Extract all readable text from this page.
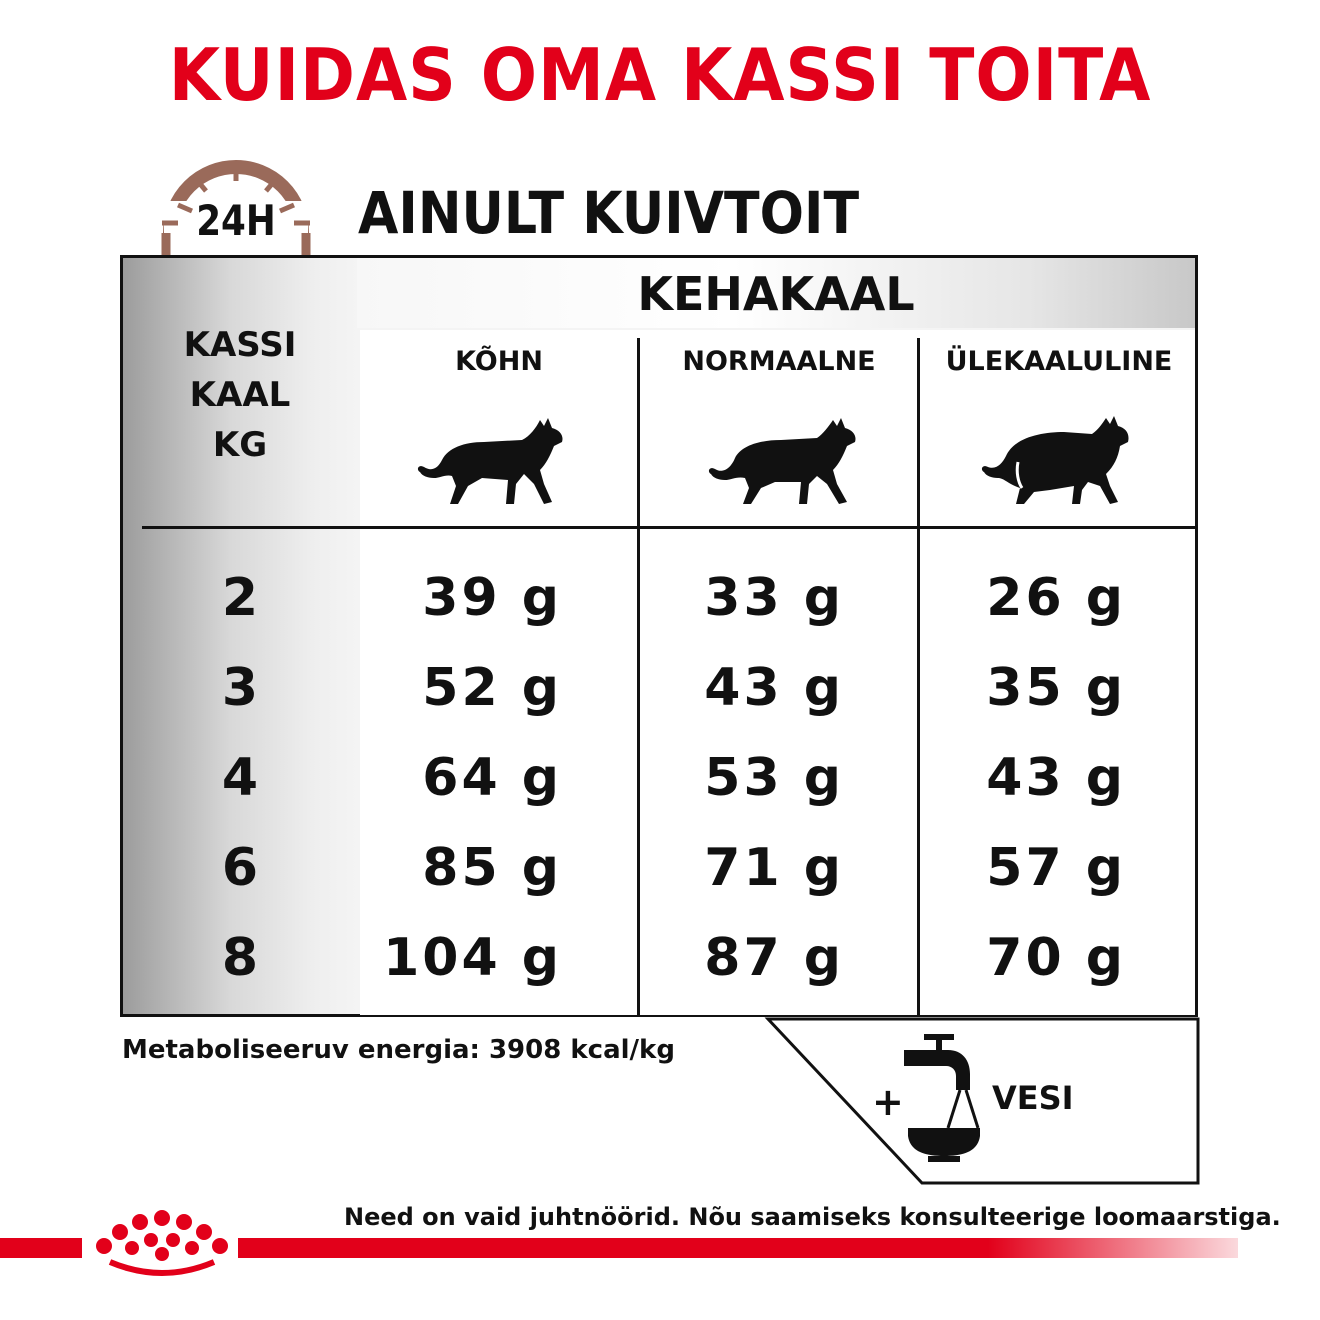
KUIDAS OMA KASSI TOITA
24H AINULT KUIVTOIT
KEHAKAAL
KASSI
KAAL
KG
KÕHN	NORMAALNE	ÜLEKAALULINE
2	39 g	33 g	26 g
3	52 g	43 g	35 g
4	64 g	53 g	43 g
6	85 g	71 g	57 g
8	104 g	87 g	70 g
Metaboliseeruv energia: 3908 kcal/kg
+	VESI
Need on vaid juhtnöörid. Nõu saamiseks konsulteerige loomaarstiga.
